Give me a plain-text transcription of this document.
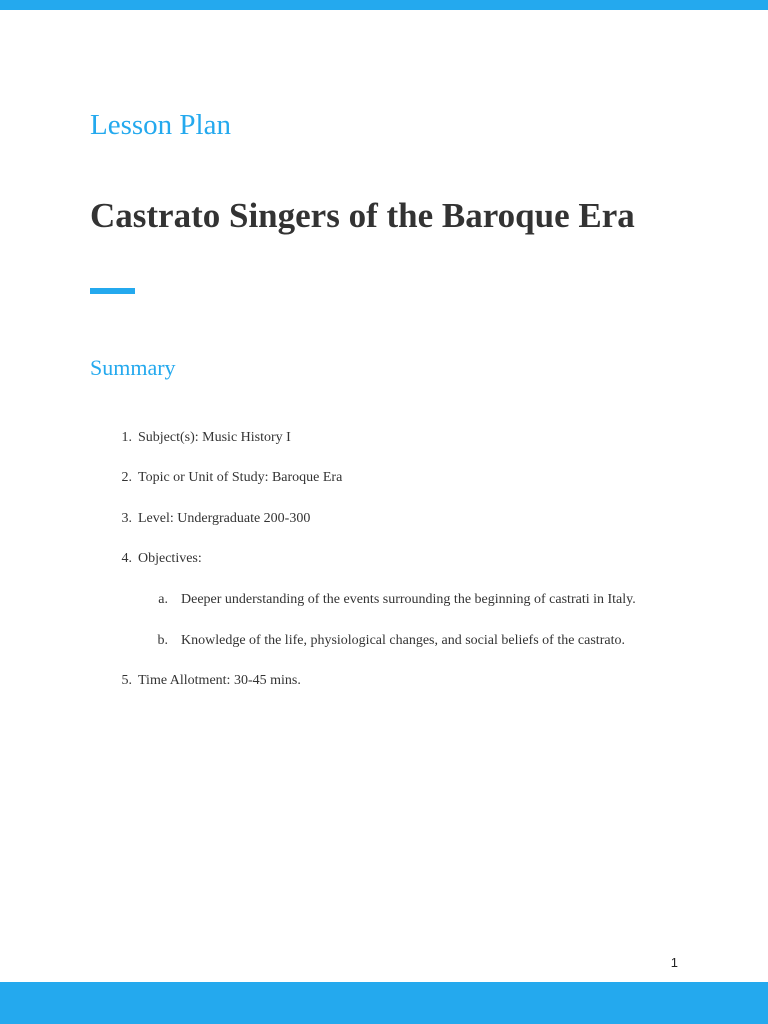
Lesson Plan
Castrato Singers of the Baroque Era
Summary
1. Subject(s): Music History I
2. Topic or Unit of Study: Baroque Era
3. Level: Undergraduate 200-300
4. Objectives:
a. Deeper understanding of the events surrounding the beginning of castrati in Italy.
b. Knowledge of the life, physiological changes, and social beliefs of the castrato.
5. Time Allotment: 30-45 mins.
1
